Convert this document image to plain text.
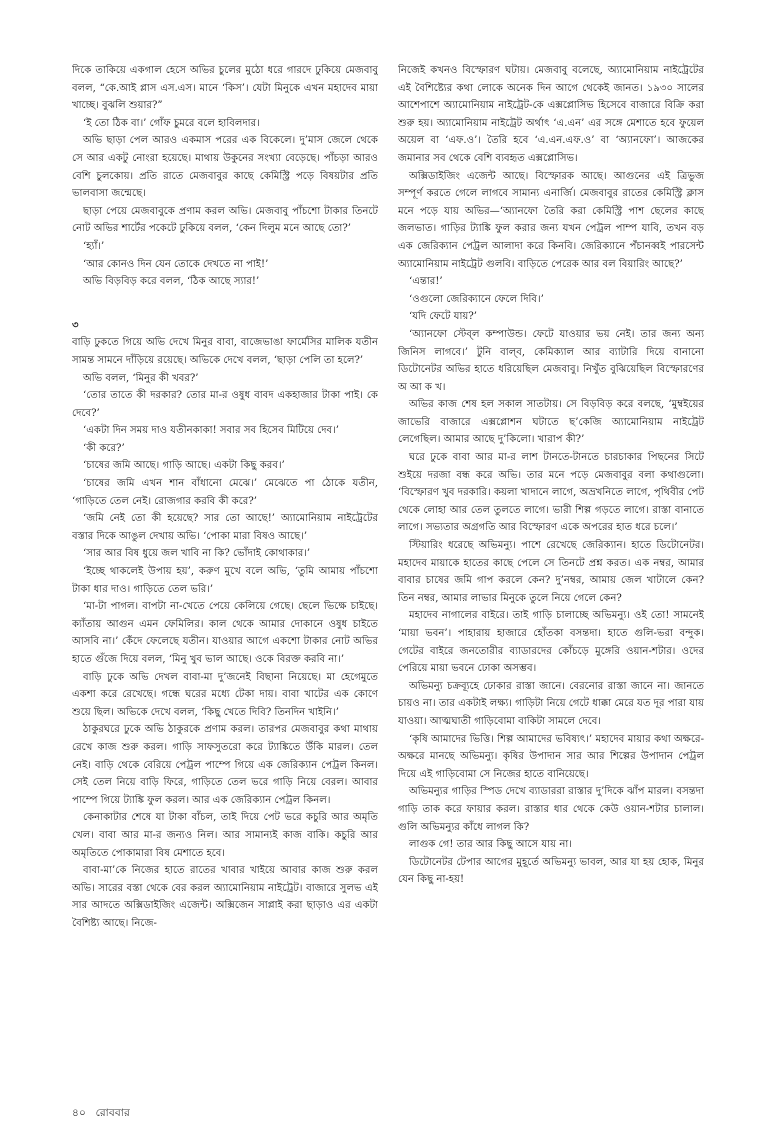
দিকে তাকিয়ে একগাল হেসে অভির চুলের মুঠো ধরে গারদে ঢুকিয়ে মেজবাবু বলল, “কে.আই প্লাস এস.এস। মানে ‘কিস’। যেটা মিনুকে এখন মহাদেব মায়া খাচ্ছে। বুঝলি শুয়ার?”

‘ই তো ঠিক বা।’ গোঁফ চুমরে বলে হাবিলদার।

অভি ছাড়া পেল আরও একমাস পরের এক বিকেলে। দু’মাস জেলে থেকে সে আর একটু নোংরা হয়েছে। মাথায় উকুনের সংখ্যা বেড়েছে। পাঁচড়া আরও বেশি চুলকোয়। প্রতি রাতে মেজবাবুর কাছে কেমিস্ট্রি পড়ে বিষয়টার প্রতি ভালবাসা জন্মেছে।

ছাড়া পেয়ে মেজবাবুকে প্রণাম করল অভি। মেজবাবু পাঁচশো টাকার তিনটে নোট অভির শার্টের পকেটে ঢুকিয়ে বলল, ‘কেন দিলুম মনে আছে তো?’

‘হ্যাঁ।’

‘আর কোনও দিন যেন তোকে দেখতে না পাই!’

অভি বিড়বিড় করে বলল, ‘ঠিক আছে স্যার!’

৩

বাড়ি ঢুকতে গিয়ে অভি দেখে মিনুর বাবা, বাজেভাঙা ফার্মেসির মালিক যতীন সামন্ত সামনে দাঁড়িয়ে রয়েছে। অভিকে দেখে বলল, ‘ছাড়া পেলি তা হলে?’

অভি বলল, ‘মিনুর কী খবর?’

‘তোর তাতে কী দরকার? তোর মা-র ওষুধ বাবদ একহাজার টাকা পাই। কে দেবে?’

‘একটা দিন সময় দাও যতীনকাকা! সবার সব হিসেব মিটিয়ে দেব।’

‘কী করে?’

‘চাষের জমি আছে। গাড়ি আছে। একটা কিছু করব।’

‘চাষের জমি এখন শান বাঁধানো মেঝে।’ মেঝেতে পা ঠোকে যতীন, ‘গাড়িতে তেল নেই। রোজগার করবি কী করে?’

‘জমি নেই তো কী হয়েছে? সার তো আছে!’ অ্যামোনিয়াম নাইট্রেটের বস্তার দিকে আঙুল দেখায় অভি। ‘পোকা মারা বিষও আছে।’

‘সার আর বিষ ধুয়ে জল খাবি না কি? ভোঁদাই কোথাকার।’

‘ইচ্ছে থাকলেই উপায় হয়’, করুণ মুখে বলে অভি, ‘তুমি আমায় পাঁচশো টাকা ধার দাও। গাড়িতে তেল ভরি।’

‘মা-টা পাগল। বাপটা না-খেতে পেয়ে কেলিয়ে গেছে। ছেলে ভিক্ষে চাইছে। ক্যাঁতায় আগুন এমন ফেমিলির। কাল থেকে আমার দোকানে ওষুধ চাইতে আসবি না।’ কেঁদে ফেলেছে যতীন। যাওয়ার আগে একশো টাকার নোট অভির হাতে গুঁজে দিয়ে বলল, ‘মিনু খুব ভাল আছে। ওকে বিরক্ত করবি না।’

বাড়ি ঢুকে অভি দেখল বাবা-মা দু’জনেই বিছানা নিয়েছে। মা হেগেমুতে একশা করে রেখেছে। গন্ধে ঘরের মধ্যে টেকা দায়। বাবা খাটের এক কোণে শুয়ে ছিল। অভিকে দেখে বলল, ‘কিছু খেতে দিবি? তিনদিন খাইনি।’

ঠাকুরঘরে ঢুকে অভি ঠাকুরকে প্রণাম করল। তারপর মেজবাবুর কথা মাথায় রেখে কাজ শুরু করল। গাড়ি সাফসুতরো করে ট্যাঙ্কিতে উঁকি মারল। তেল নেই। বাড়ি থেকে বেরিয়ে পেট্রল পাম্পে গিয়ে এক জেরিক্যান পেট্রল কিনল। সেই তেল নিয়ে বাড়ি ফিরে, গাড়িতে তেল ভরে গাড়ি নিয়ে বেরল। আবার পাম্পে গিয়ে ট্যাঙ্কি ফুল করল। আর এক জেরিক্যান পেট্রল কিনল।

কেনাকাটার শেষে যা টাকা বাঁচল, তাই দিয়ে পেট ভরে কচুরি আর অমৃতি খেল। বাবা আর মা-র জন্যও নিল। আর সামান্যই কাজ বাকি। কচুরি আর অমৃতিতে পোকামারা বিষ মেশাতে হবে।

বাবা-মা’কে নিজের হাতে রাতের খাবার খাইয়ে আবার কাজ শুরু করল অভি। সারের বস্তা থেকে বের করল অ্যামোনিয়াম নাইট্রেট। বাজারে সুলভ এই সার আদতে অক্সিডাইজিং এজেন্ট। অক্সিজেন সাপ্লাই করা ছাড়াও এর একটা বৈশিষ্ট্য আছে। নিজে-

নিজেই কখনও বিস্ফোরণ ঘটায়। মেজবাবু বলেছে, অ্যামোনিয়াম নাইট্রেটের এই বৈশিষ্ট্যের কথা লোকে অনেক দিন আগে থেকেই জানত। ১৯৩০ সালের আশেপাশে অ্যামোনিয়াম নাইট্রেট-কে এক্সপ্লোসিভ হিসেবে বাজারে বিক্রি করা শুরু হয়। অ্যামোনিয়াম নাইট্রেট অর্থাৎ ‘এ.এন’ এর সঙ্গে মেশাতে হবে ফুয়েল অয়েল বা ‘এফ.ও’। তৈরি হবে ‘এ.এন.এফ.ও’ বা ‘অ্যানফো’। আজকের জমানার সব থেকে বেশি ব্যবহৃত এক্সপ্লোসিভ।

অক্সিডাইজিং এজেন্ট আছে। বিস্ফোরক আছে। আগুনের এই ত্রিভুজ সম্পূর্ণ করতে গেলে লাগবে সামান্য এনার্জি। মেজবাবুর রাতের কেমিস্ট্রি ক্লাস মনে পড়ে যায় অভির—‘অ্যানফো তৈরি করা কেমিস্ট্রি পাশ ছেলের কাছে জলভাত। গাড়ির ট্যাঙ্কি ফুল করার জন্য যখন পেট্রল পাম্প যাবি, তখন বড় এক জেরিক্যান পেট্রল আলাদা করে কিনবি। জেরিক্যানে পঁচানব্বই পারসেন্ট অ্যামোনিয়াম নাইট্রেট গুলবি। বাড়িতে পেরেক আর বল বিয়ারিং আছে?’

‘এন্তার!’

‘ওগুলো জেরিক্যানে ফেলে দিবি।’

‘যদি ফেটে যায়?’

‘অ্যানফো স্টেব্‌ল কম্পাউন্ড। ফেটে যাওয়ার ভয় নেই। তার জন্য অন্য জিনিস লাগবে।’ টুনি বাল্‌ব, কেমিক্যাল আর ব্যাটারি দিয়ে বানানো ডিটোনেটর অভির হাতে ধরিয়েছিল মেজবাবু। নিখুঁত বুঝিয়েছিল বিস্ফোরণের অ আ ক খ।

অভির কাজ শেষ হল সকাল সাতটায়। সে বিড়বিড় করে বলছে, ‘মুম্বইয়ের জাভেরি বাজারে এক্সপ্লোশন ঘটাতে ছ’কেজি অ্যামোনিয়াম নাইট্রেট লেগেছিল। আমার আছে দু’কিলো। খারাপ কী?’

ঘরে ঢুকে বাবা আর মা-র লাশ টানতে-টানতে চারচাকার পিছনের সিটে শুইয়ে দরজা বন্ধ করে অভি। তার মনে পড়ে মেজবাবুর বলা কথাগুলো। ‘বিস্ফোরণ খুব দরকারি। কয়লা খাদানে লাগে, অভ্রখনিতে লাগে, পৃথিবীর পেট থেকে লোহা আর তেল তুলতে লাগে। ভারী শিল্প গড়তে লাগে। রাস্তা বানাতে লাগে। সভ্যতার অগ্রগতি আর বিস্ফোরণ একে অপরের হাত ধরে চলে।’

স্টিয়ারিং ধরেছে অভিমন্যু। পাশে রেখেছে জেরিক্যান। হাতে ডিটোনেটর। মহাদেব মায়াকে হাতের কাছে পেলে সে তিনটে প্রশ্ন করত। এক নম্বর, আমার বাবার চাষের জমি গাপ করলে কেন? দু’নম্বর, আমায় জেল খাটালে কেন? তিন নম্বর, আমার লাভার মিনুকে তুলে নিয়ে গেলে কেন?

মহাদেব নাগালের বাইরে। তাই গাড়ি চালাচ্ছে অভিমন্যু। ওই তো! সামনেই ‘মায়া ভবন’। পাহারায় হাজারে হোঁতকা বসন্তদা। হাতে গুলি-ভরা বন্দুক। গেটের বাইরে জনতোরীর ব্যাডারদের কোঁচড়ে মুঙ্গেরি ওয়ান-শটার। ওদের পেরিয়ে মায়া ভবনে ঢোকা অসম্ভব।

অভিমন্যু চক্রব্যূহে ঢোকার রাস্তা জানে। বেরনোর রাস্তা জানে না। জানতে চায়ও না। তার একটাই লক্ষ্য। গাড়িটা নিয়ে গেটে ধাক্কা মেরে যত দূর পারা যায় যাওয়া। আত্মঘাতী গাড়িবোমা বাকিটা সামলে দেবে।

‘কৃষি আমাদের ভিত্তি। শিল্প আমাদের ভবিষ্যৎ।’ মহাদেব মায়ার কথা অক্ষরে-অক্ষরে মানছে অভিমন্যু। কৃষির উপাদান সার আর শিল্পের উপাদান পেট্রল দিয়ে এই গাড়িবোমা সে নিজের হাতে বানিয়েছে।

অভিমন্যুর গাড়ির স্পিড দেখে ব্যাডাররা রাস্তার দু’দিকে ঝাঁপ মারল। বসন্তদা গাড়ি তাক করে ফায়ার করল। রাস্তার ধার থেকে কেউ ওয়ান-শটার চালাল। গুলি অভিমন্যুর কাঁধে লাগল কি?

লাগুক গে! তার আর কিছু আসে যায় না।

ডিটোনেটর টেপার আগের মুহূর্তে অভিমন্যু ভাবল, আর যা হয় হোক, মিনুর যেন কিছু না-হয়!

৪০ রোববার
